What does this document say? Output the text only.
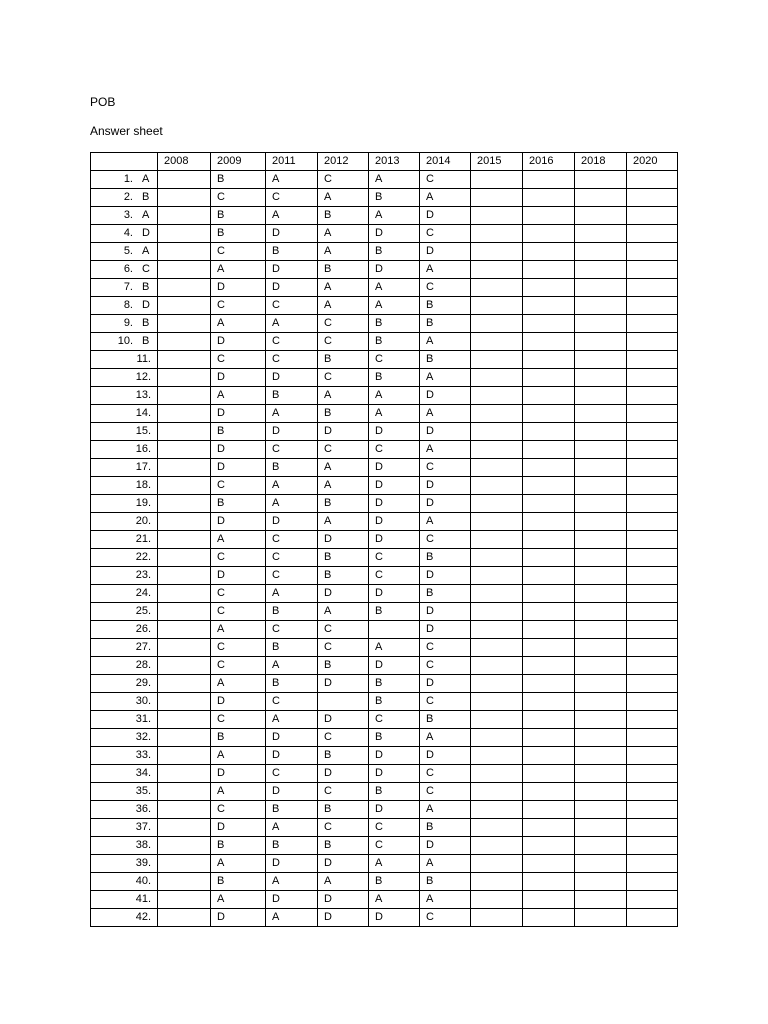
POB
Answer sheet
	2008	2009	2011	2012	2013	2014	2015	2016	2018	2020

1. A		B	A	C	A	C				

2. B		C	C	A	B	A				

3. A		B	A	B	A	D				

4. D		B	D	A	D	C				

5. A		C	B	A	B	D				

6. C		A	D	B	D	A				

7. B		D	D	A	A	C				

8. D		C	C	A	A	B				

9. B		A	A	C	B	B				

10. B		D	C	C	B	A				

11.		C	C	B	C	B				

12.		D	D	C	B	A				

13.		A	B	A	A	D				

14.		D	A	B	A	A				

15.		B	D	D	D	D				

16.		D	C	C	C	A				

17.		D	B	A	D	C				

18.		C	A	A	D	D				

19.		B	A	B	D	D				

20.		D	D	A	D	A				

21.		A	C	D	D	C				

22.		C	C	B	C	B				

23.		D	C	B	C	D				

24.		C	A	D	D	B				

25.		C	B	A	B	D				

26.		A	C	C		D				

27.		C	B	C	A	C				

28.		C	A	B	D	C				

29.		A	B	D	B	D				

30.		D	C		B	C				

31.		C	A	D	C	B				

32.		B	D	C	B	A				

33.		A	D	B	D	D				

34.		D	C	D	D	C				

35.		A	D	C	B	C				

36.		C	B	B	D	A				

37.		D	A	C	C	B				

38.		B	B	B	C	D				

39.		A	D	D	A	A				

40.		B	A	A	B	B				

41.		A	D	D	A	A				

42.		D	A	D	D	C				
